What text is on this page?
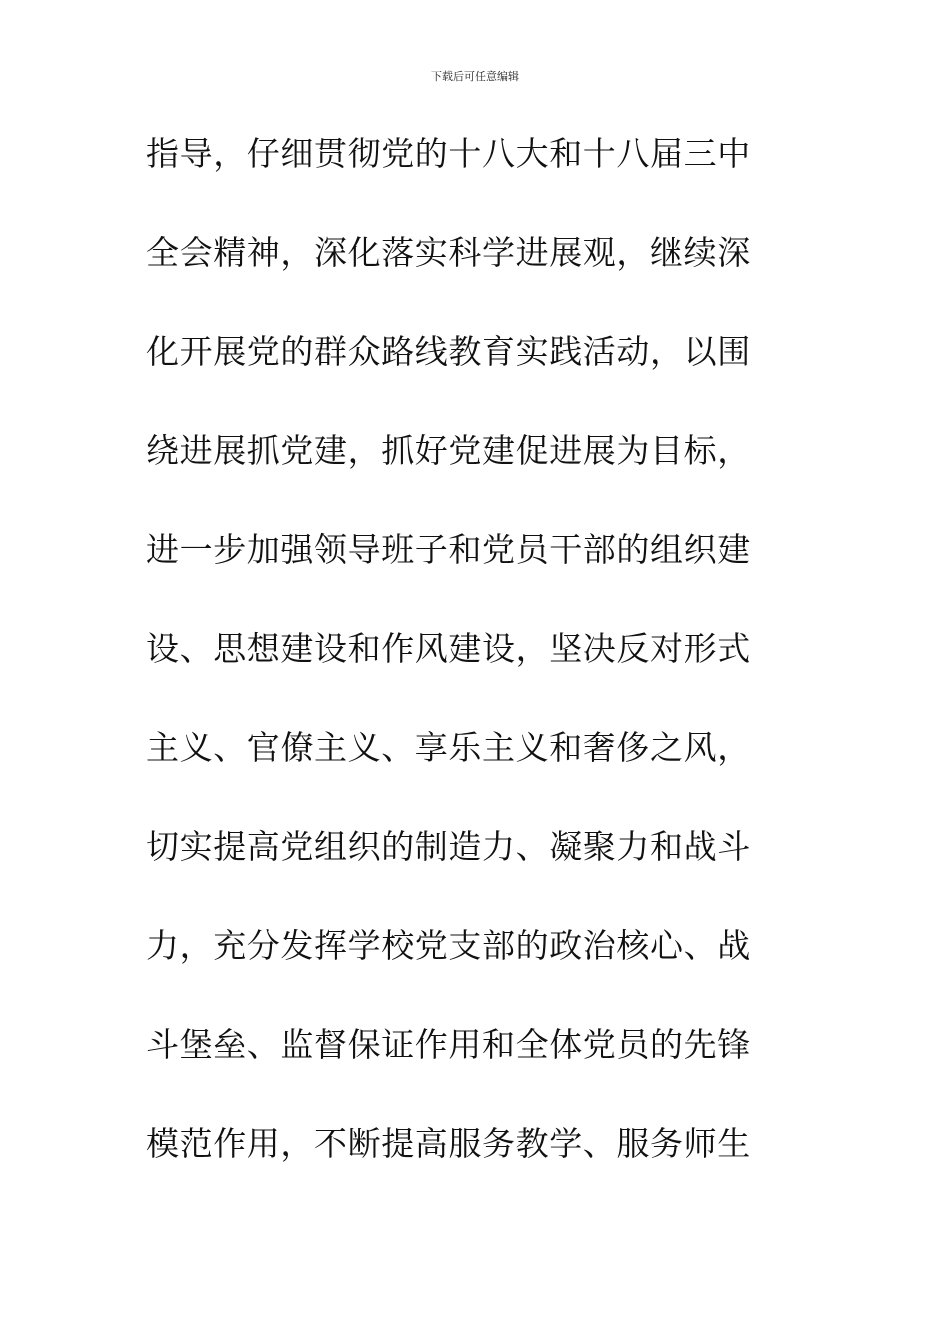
下载后可任意编辑
指导，仔细贯彻党的十八大和十八届三中
全会精神，深化落实科学进展观，继续深
化开展党的群众路线教育实践活动，以围
绕进展抓党建，抓好党建促进展为目标，
进一步加强领导班子和党员干部的组织建
设、思想建设和作风建设，坚决反对形式
主义、官僚主义、享乐主义和奢侈之风，
切实提高党组织的制造力、凝聚力和战斗
力，充分发挥学校党支部的政治核心、战
斗堡垒、监督保证作用和全体党员的先锋
模范作用，不断提高服务教学、服务师生
